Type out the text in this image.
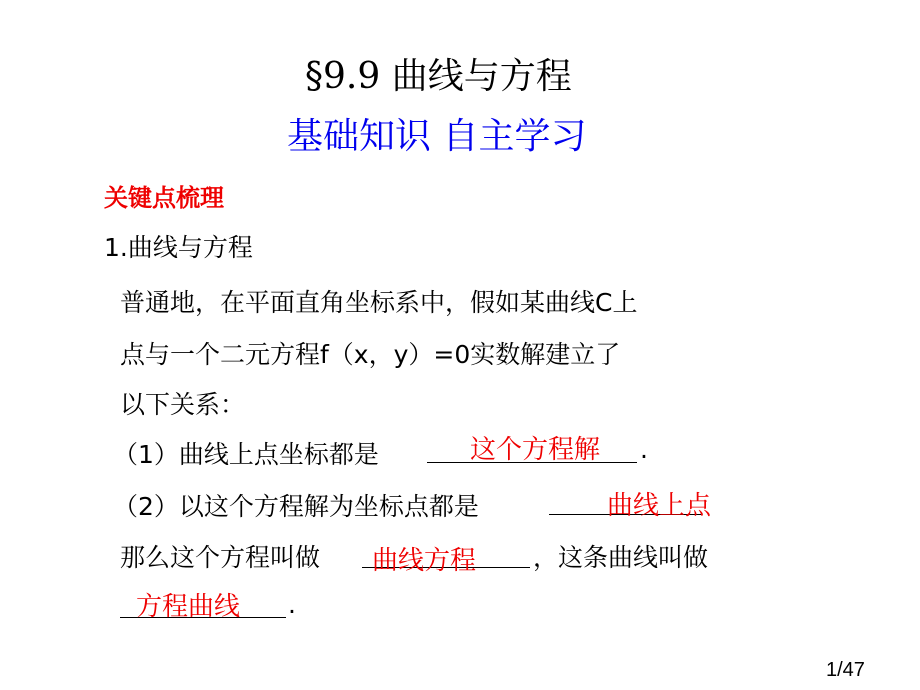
§9.9 曲线与方程
基础知识 自主学习
关键点梳理
1.曲线与方程
普通地，在平面直角坐标系中，假如某曲线C上
点与一个二元方程f（x，y）=0实数解建立了
以下关系：
（1）曲线上点坐标都是	这个方程解 .
（2）以这个方程解为坐标点都是	曲线上点
那么这个方程叫做 曲线方程 ，这条曲线叫做
方程曲线 .
1/47
